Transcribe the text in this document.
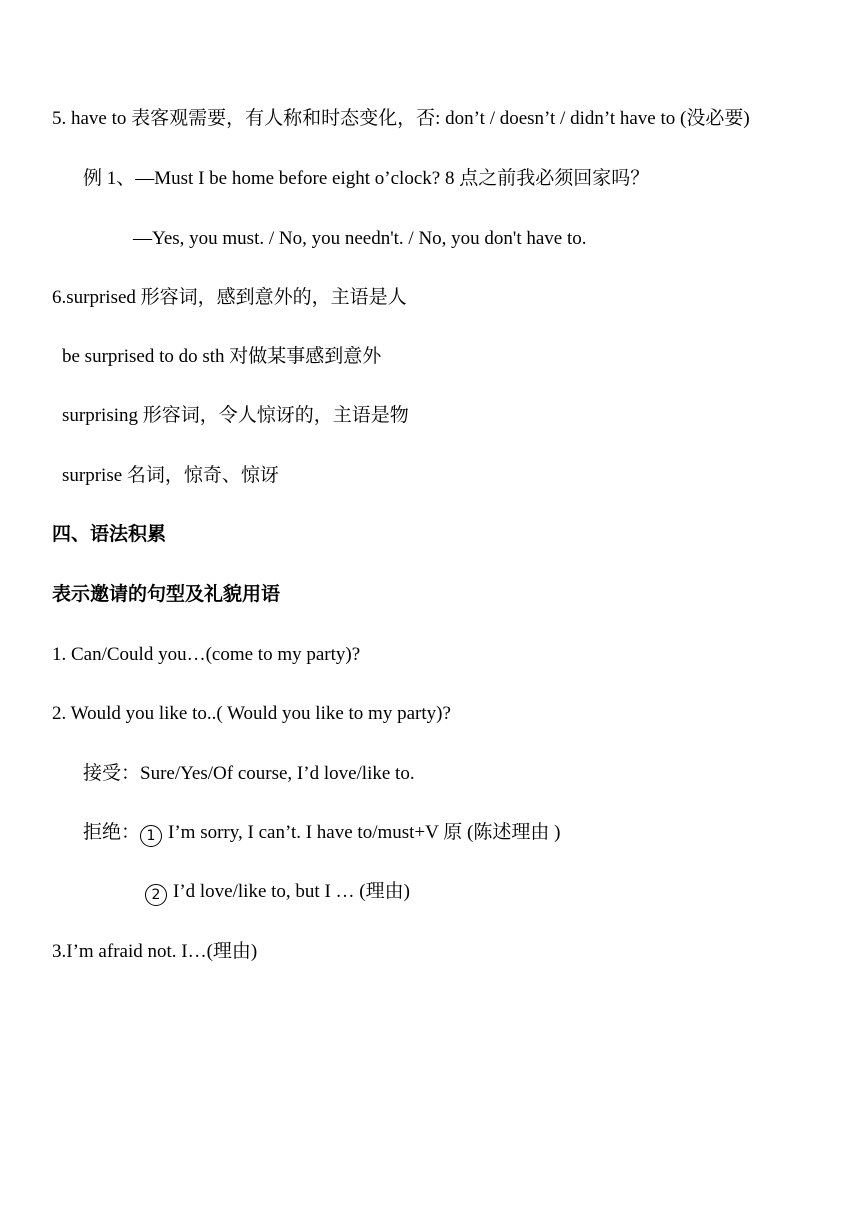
5. have to 表客观需要，有人称和时态变化，否: don’t / doesn’t / didn’t have to (没必要)
例 1、—Must I be home before eight o’clock? 8 点之前我必须回家吗？
—Yes, you must. / No, you needn't. / No, you don't have to.
6.surprised 形容词，感到意外的，主语是人
be surprised to do sth 对做某事感到意外
surprising 形容词，令人惊讶的，主语是物
surprise 名词，惊奇、惊讶
四、语法积累
表示邀请的句型及礼貌用语
1. Can/Could you…(come to my party)?
2. Would you like to..( Would you like to my party)?
接受：Sure/Yes/Of course, I’d love/like to.
拒绝： 1 I’m sorry, I can’t. I have to/must+V 原 (陈述理由 )
2 I’d love/like to, but I … (理由)
3.I’m afraid not. I…(理由)
